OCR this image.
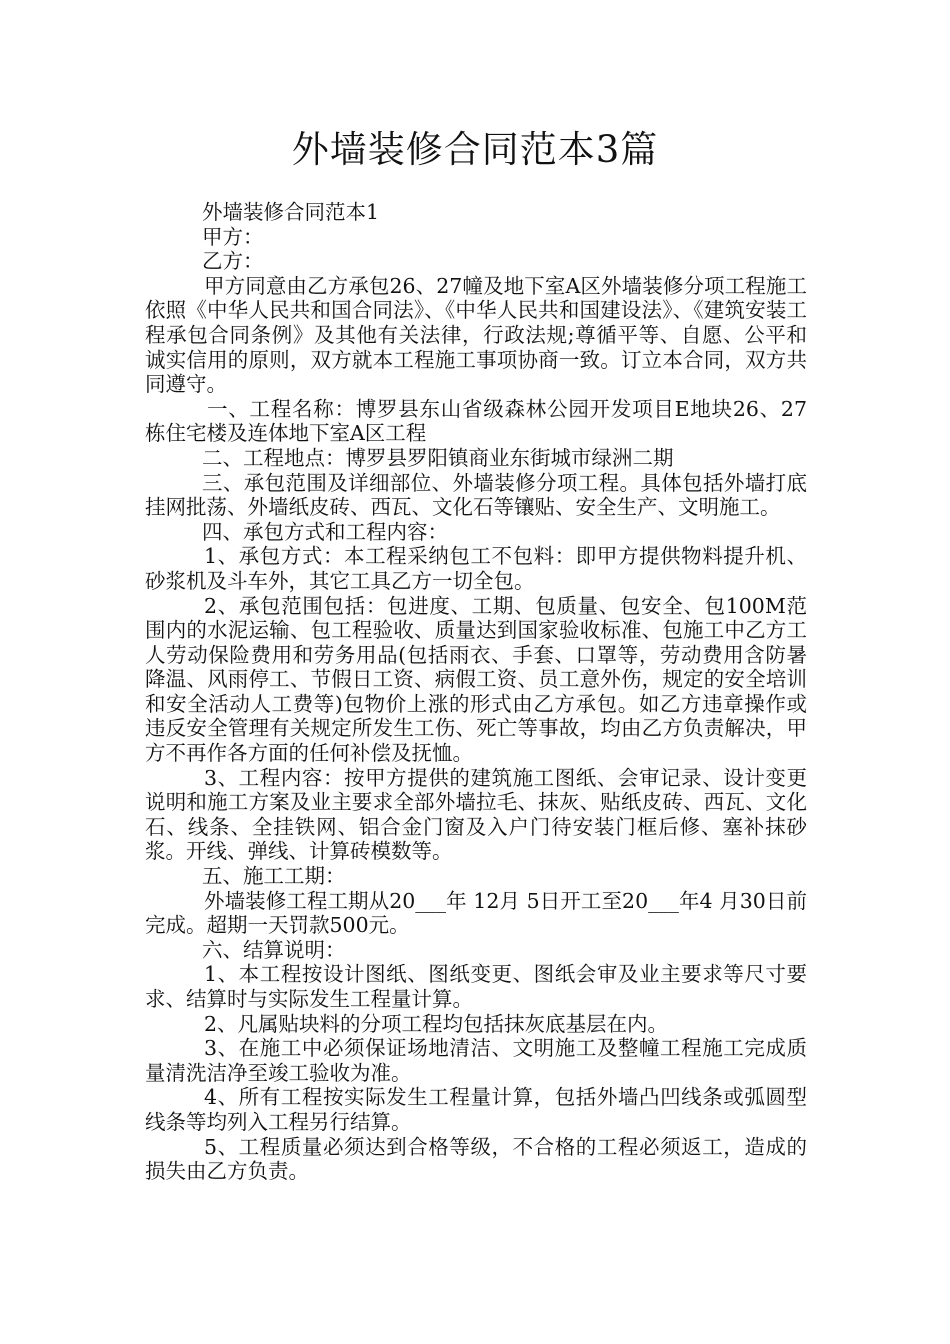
外墙装修合同范本3篇

外墙装修合同范本1

甲方：

乙方：

甲方同意由乙方承包26、27幢及地下室A区外墙装修分项工程施工依照《中华人民共和国合同法》、《中华人民共和国建设法》、《建筑安装工程承包合同条例》及其他有关法律，行政法规;尊循平等、自愿、公平和诚实信用的原则，双方就本工程施工事项协商一致。订立本合同，双方共同遵守。

一、工程名称：博罗县东山省级森林公园开发项目E地块26、27栋住宅楼及连体地下室A区工程

二、工程地点：博罗县罗阳镇商业东街城市绿洲二期

三、承包范围及详细部位、外墙装修分项工程。具体包括外墙打底挂网批荡、外墙纸皮砖、西瓦、文化石等镶贴、安全生产、文明施工。

四、承包方式和工程内容：

1、承包方式：本工程采纳包工不包料：即甲方提供物料提升机、砂浆机及斗车外，其它工具乙方一切全包。

2、承包范围包括：包进度、工期、包质量、包安全、包100M范围内的水泥运输、包工程验收、质量达到国家验收标准、包施工中乙方工人劳动保险费用和劳务用品(包括雨衣、手套、口罩等，劳动费用含防暑降温、风雨停工、节假日工资、病假工资、员工意外伤，规定的安全培训和安全活动人工费等)包物价上涨的形式由乙方承包。如乙方违章操作或违反安全管理有关规定所发生工伤、死亡等事故，均由乙方负责解决，甲方不再作各方面的任何补偿及抚恤。

3、工程内容：按甲方提供的建筑施工图纸、会审记录、设计变更说明和施工方案及业主要求全部外墙拉毛、抹灰、贴纸皮砖、西瓦、文化石、线条、全挂铁网、铝合金门窗及入户门待安装门框后修、塞补抹砂浆。开线、弹线、计算砖模数等。

五、施工工期：

外墙装修工程工期从20___年 12月 5日开工至20___年4 月30日前完成。超期一天罚款500元。

六、结算说明：

1、本工程按设计图纸、图纸变更、图纸会审及业主要求等尺寸要求、结算时与实际发生工程量计算。

2、凡属贴块料的分项工程均包括抹灰底基层在内。

3、在施工中必须保证场地清洁、文明施工及整幢工程施工完成质量清洗洁净至竣工验收为准。

4、所有工程按实际发生工程量计算，包括外墙凸凹线条或弧圆型线条等均列入工程另行结算。

5、工程质量必须达到合格等级，不合格的工程必须返工，造成的损失由乙方负责。
